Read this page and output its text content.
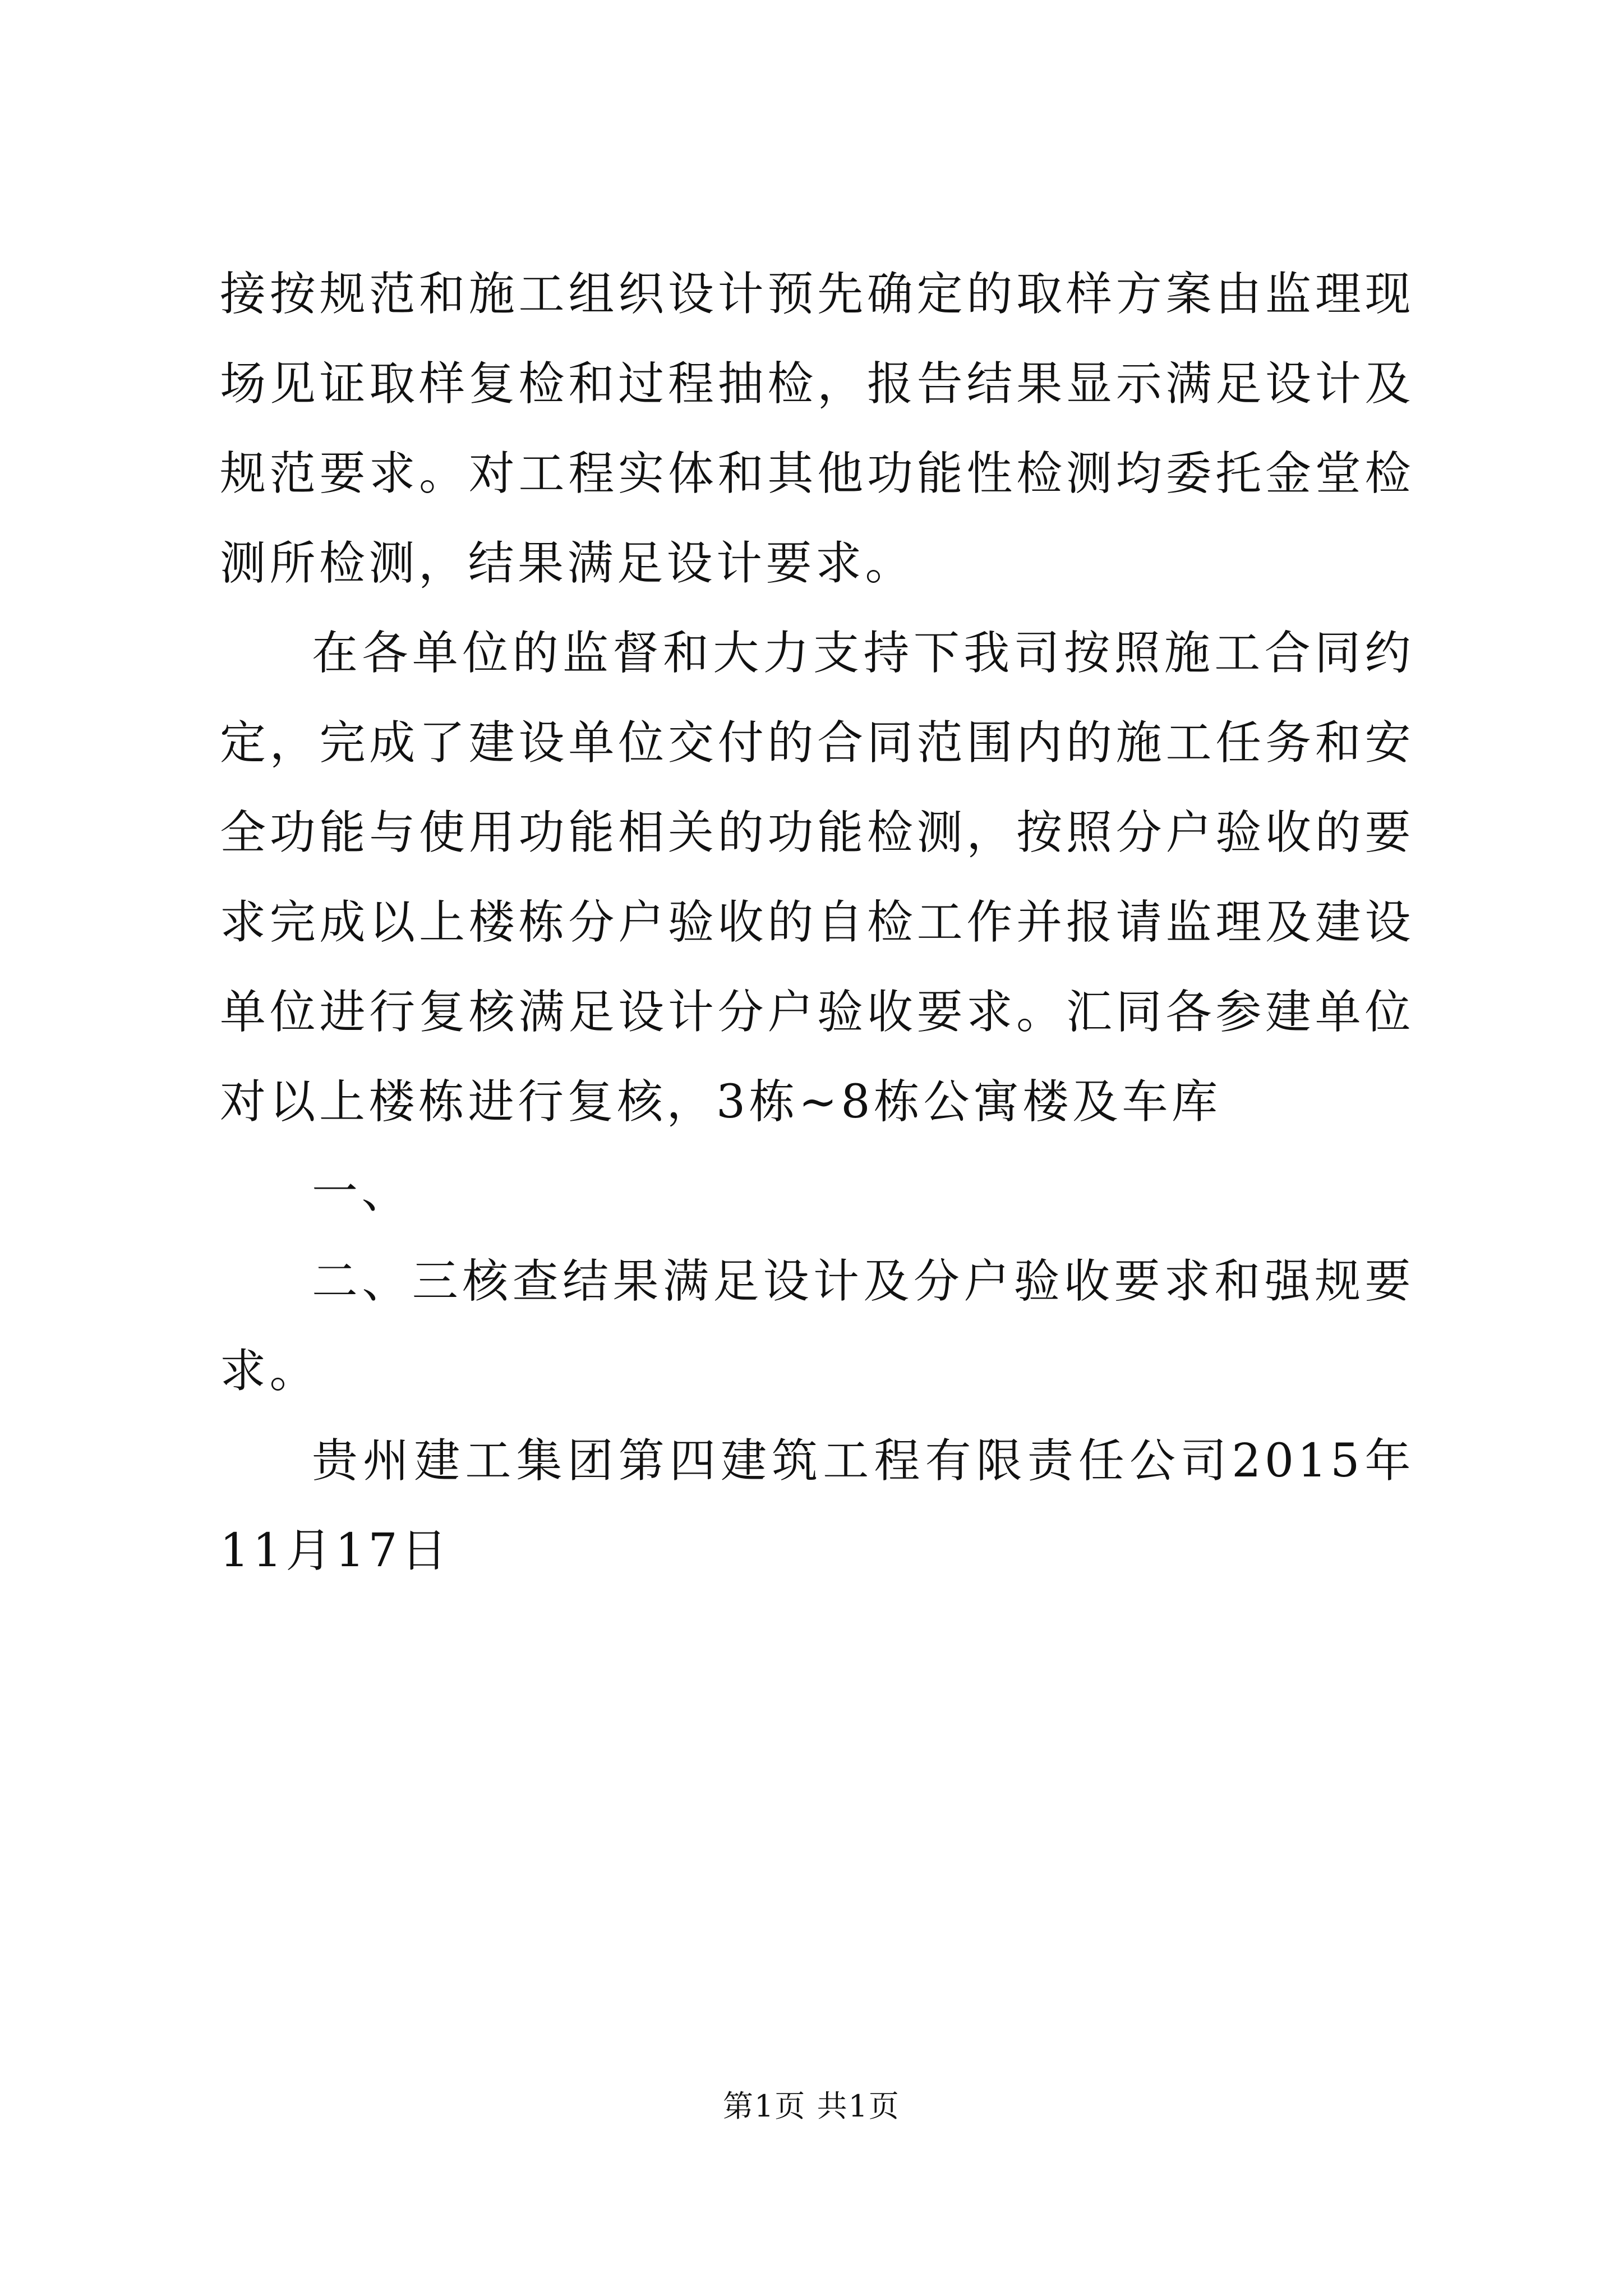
接按规范和施工组织设计预先确定的取样方案由监理现场见证取样复检和过程抽检，报告结果显示满足设计及规范要求。对工程实体和其他功能性检测均委托金堂检测所检测，结果满足设计要求。

在各单位的监督和大力支持下我司按照施工合同约定，完成了建设单位交付的合同范围内的施工任务和安全功能与使用功能相关的功能检测，按照分户验收的要求完成以上楼栋分户验收的自检工作并报请监理及建设单位进行复核满足设计分户验收要求。汇同各参建单位对以上楼栋进行复核，3栋~8栋公寓楼及车库

一、

二、三核查结果满足设计及分户验收要求和强规要求。

贵州建工集团第四建筑工程有限责任公司2015年11月17日

第1页 共1页
